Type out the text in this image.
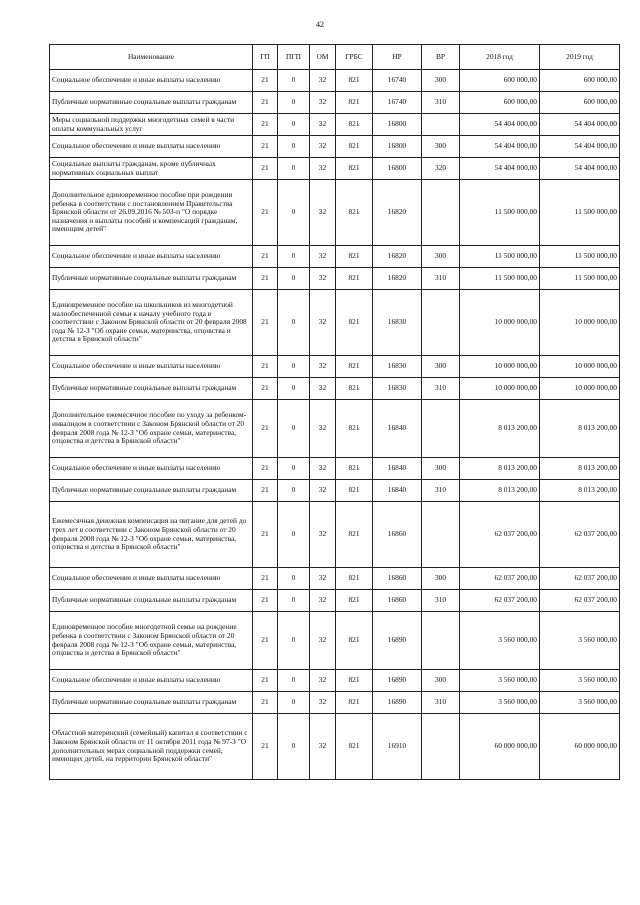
42
Наименование	ГП	ПГП	ОМ	ГРБС	НР	ВР	2018 год	2019 год
Социальное обеспечение и иные выплаты населению	21	0	32	821	16740	300	600 000,00	600 000,00
Публичные нормативные социальные выплаты гражданам	21	0	32	821	16740	310	600 000,00	600 000,00
Меры социальной поддержки многодетных семей в части оплаты коммунальных услуг	21	0	32	821	16800		54 404 000,00	54 404 000,00
Социальное обеспечение и иные выплаты населению	21	0	32	821	16800	300	54 404 000,00	54 404 000,00
Социальные выплаты гражданам, кроме публичных нормативных социальных выплат	21	0	32	821	16800	320	54 404 000,00	54 404 000,00
Дополнительное единовременное пособие при рождении ребенка в соответствии с постановлением Правительства Брянской области от 26.09.2016 № 503-п "О порядке назначения и выплаты пособий и компенсаций гражданам, имеющим детей"	21	0	32	821	16820		11 500 000,00	11 500 000,00
Социальное обеспечение и иные выплаты населению	21	0	32	821	16820	300	11 500 000,00	11 500 000,00
Публичные нормативные социальные выплаты гражданам	21	0	32	821	16820	310	11 500 000,00	11 500 000,00
Единовременное пособие на школьников из многодетной малообеспеченной семьи к началу учебного года в соответствии с Законом Брянской области от 20 февраля 2008 года № 12-З "Об охране семьи, материнства, отцовства и детства в Брянской области"	21	0	32	821	16830		10 000 000,00	10 000 000,00
Социальное обеспечение и иные выплаты населению	21	0	32	821	16830	300	10 000 000,00	10 000 000,00
Публичные нормативные социальные выплаты гражданам	21	0	32	821	16830	310	10 000 000,00	10 000 000,00
Дополнительное ежемесячное пособие по уходу за ребенком-инвалидом в соответствии с Законом Брянской области от 20 февраля 2008 года № 12-З "Об охране семьи, материнства, отцовства и детства в Брянской области"	21	0	32	821	16840		8 013 200,00	8 013 200,00
Социальное обеспечение и иные выплаты населению	21	0	32	821	16840	300	8 013 200,00	8 013 200,00
Публичные нормативные социальные выплаты гражданам	21	0	32	821	16840	310	8 013 200,00	8 013 200,00
Ежемесячная денежная компенсация на питание для детей до трех лет в соответствии с Законом Брянской области от 20 февраля 2008 года № 12-З "Об охране семьи, материнства, отцовства и детства в Брянской области"	21	0	32	821	16860		62 037 200,00	62 037 200,00
Социальное обеспечение и иные выплаты населению	21	0	32	821	16860	300	62 037 200,00	62 037 200,00
Публичные нормативные социальные выплаты гражданам	21	0	32	821	16860	310	62 037 200,00	62 037 200,00
Единовременное пособие многодетной семье на рождение ребенка в соответствии с Законом Брянской области от 20 февраля 2008 года № 12-З "Об охране семьи, материнства, отцовства и детства в Брянской области"	21	0	32	821	16890		3 560 000,00	3 560 000,00
Социальное обеспечение и иные выплаты населению	21	0	32	821	16890	300	3 560 000,00	3 560 000,00
Публичные нормативные социальные выплаты гражданам	21	0	32	821	16890	310	3 560 000,00	3 560 000,00
Областной материнский (семейный) капитал в соответствии с Законом Брянской области от 11 октября 2011 года № 97-З "О дополнительных мерах социальной поддержки семей, имеющих детей, на территории Брянской области"	21	0	32	821	16910		60 000 000,00	60 000 000,00
